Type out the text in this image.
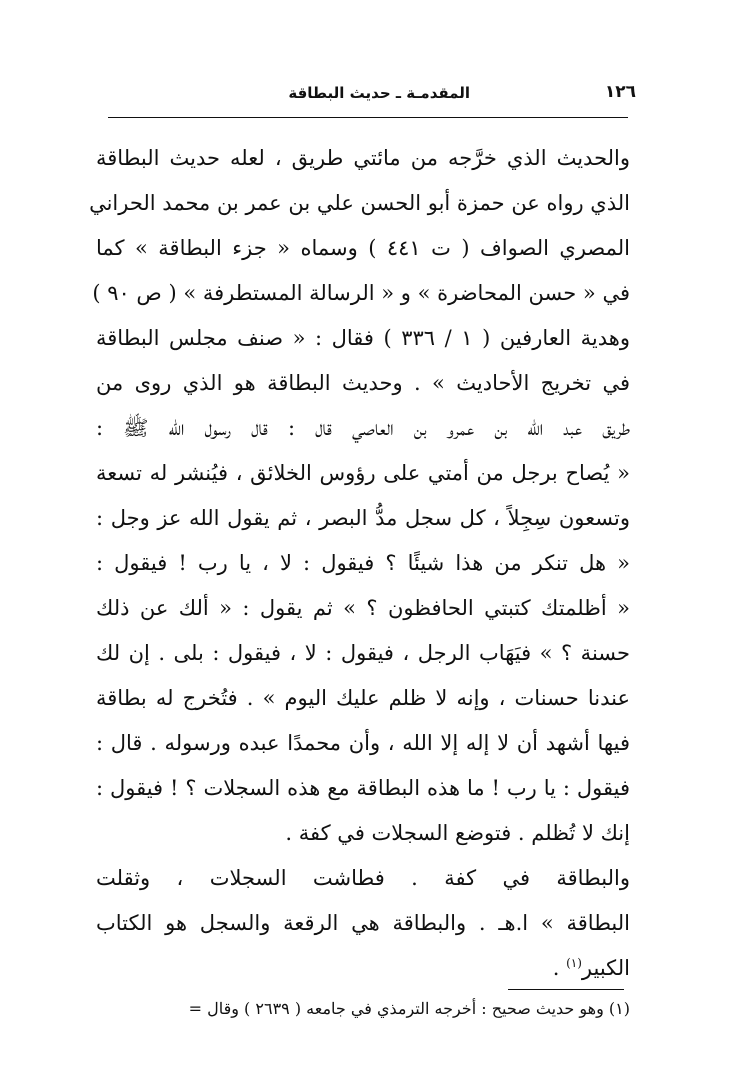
١٢٦
المقدمـة ـ حديث البطاقة
والحديث الذي خرَّجه من مائتي طريق ، لعله حديث البطاقة
الذي رواه عن حمزة أبو الحسن علي بن عمر بن محمد الحراني
المصري الصواف ( ت ٤٤١ ) وسماه « جزء البطاقة » كما
في « حسن المحاضرة » و « الرسالة المستطرفة » ( ص ٩٠ )
وهدية العارفين ( ١ / ٣٣٦ ) فقال : « صنف مجلس البطاقة
في تخريج الأحاديث » . وحديث البطاقة هو الذي روى من
طريق عبد الله بن عمرو بن العاصي قال : قال رسول الله ﷺ :
« يُصاح برجل من أمتي على رؤوس الخلائق ، فيُنشر له تسعة
وتسعون سِجِلاً ، كل سجل مدُّ البصر ، ثم يقول الله عز وجل :
« هل تنكر من هذا شيئًا ؟ فيقول : لا ، يا رب ! فيقول :
« أظلمتك كتبتي الحافظون ؟ » ثم يقول : « ألك عن ذلك
حسنة ؟ » فيَهَاب الرجل ، فيقول : لا ، فيقول : بلى . إن لك
عندنا حسنات ، وإنه لا ظلم عليك اليوم » . فتُخرج له بطاقة
فيها أشهد أن لا إله إلا الله ، وأن محمدًا عبده ورسوله . قال :
فيقول : يا رب ! ما هذه البطاقة مع هذه السجلات ؟ ! فيقول :
إنك لا تُظلم . فتوضع السجلات في كفة .
والبطاقة في كفة . فطاشت السجلات ، وثقلت
البطاقة » ا.هـ . والبطاقة هي الرقعة والسجل هو الكتاب
الكبير$^{(١)}$ .
(١) وهو حديث صحيح : أخرجه الترمذي في جامعه ( ٢٦٣٩ ) وقال =
